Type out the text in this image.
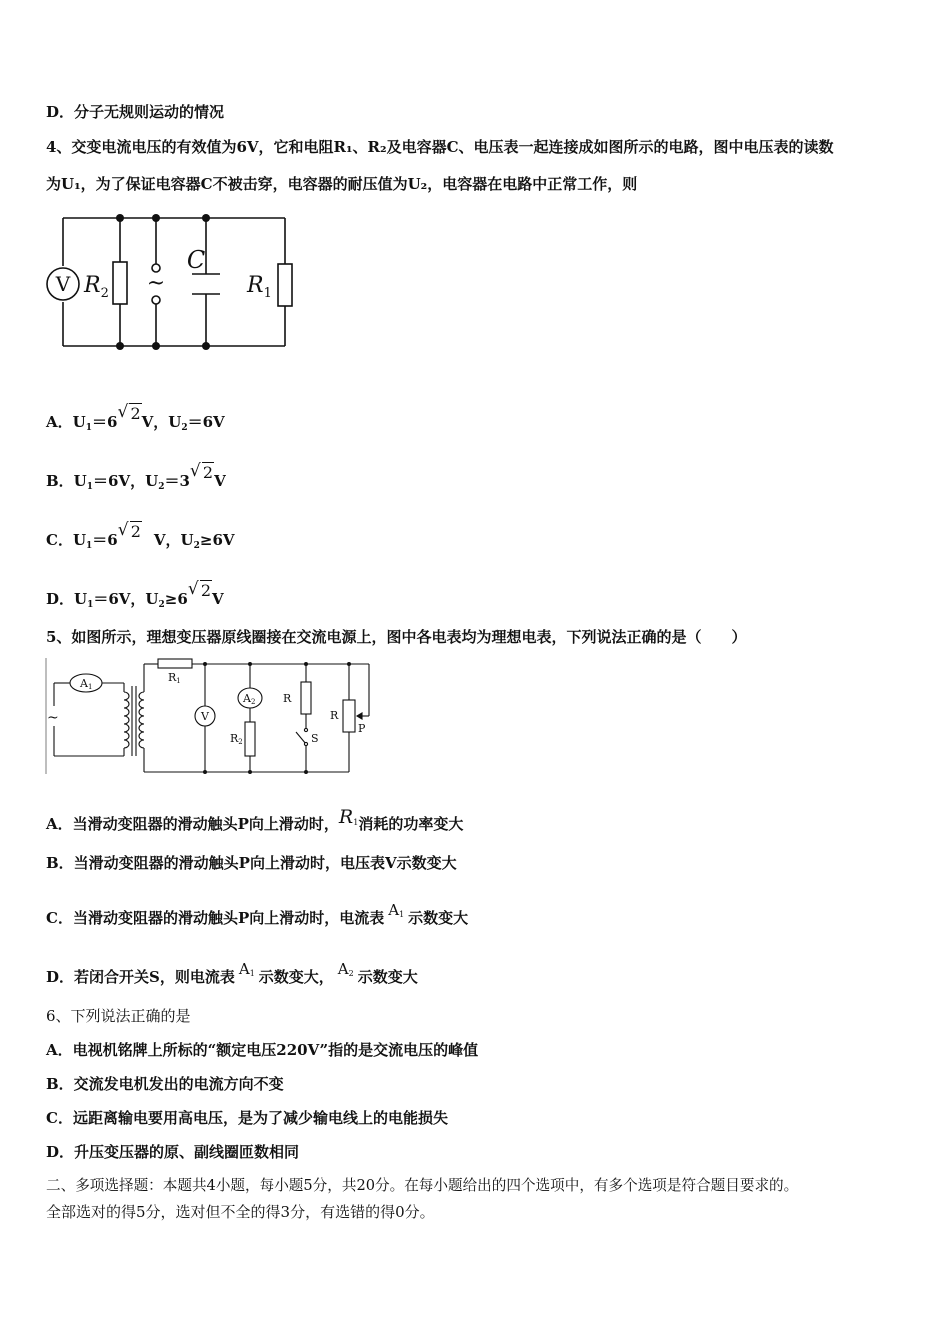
D．分子无规则运动的情况
4、交变电流电压的有效值为6V，它和电阻R₁、R₂及电容器C、电压表一起连接成如图所示的电路，图中电压表的读数
为U₁，为了保证电容器C不被击穿，电容器的耐压值为U₂，电容器在电路中正常工作，则
V $R_2$ ~
C
$R_1$
A．$U_1=6$ √ 2V，$U_2=6V$
B．$U_1=6V$，$U_2=3$ √ 2V
C．$U_1=6$ √ 2 V，$U_2\ge 6V$
D．$U_1=6V$，$U_2\ge 6$ √ 2V
5、如图所示，理想变压器原线圈接在交流电源上，图中各电表均为理想电表，下列说法正确的是（　　）
A1
~
R1
V
A2
R2
R
S
R
P
A．当滑动变阻器的滑动触头P向上滑动时，R1消耗的功率变大
B．当滑动变阻器的滑动触头P向上滑动时，电压表V示数变大
C．当滑动变阻器的滑动触头P向上滑动时，电流表 A1 示数变大
D．若闭合开关S，则电流表 A1 示数变大， A2 示数变大
6、下列说法正确的是
A．电视机铭牌上所标的“额定电压220V”指的是交流电压的峰值
B．交流发电机发出的电流方向不变
C．远距离输电要用高电压，是为了减少输电线上的电能损失
D．升压变压器的原、副线圈匝数相同
二、多项选择题：本题共4小题，每小题5分，共20分。在每小题给出的四个选项中，有多个选项是符合题目要求的。
全部选对的得5分，选对但不全的得3分，有选错的得0分。
